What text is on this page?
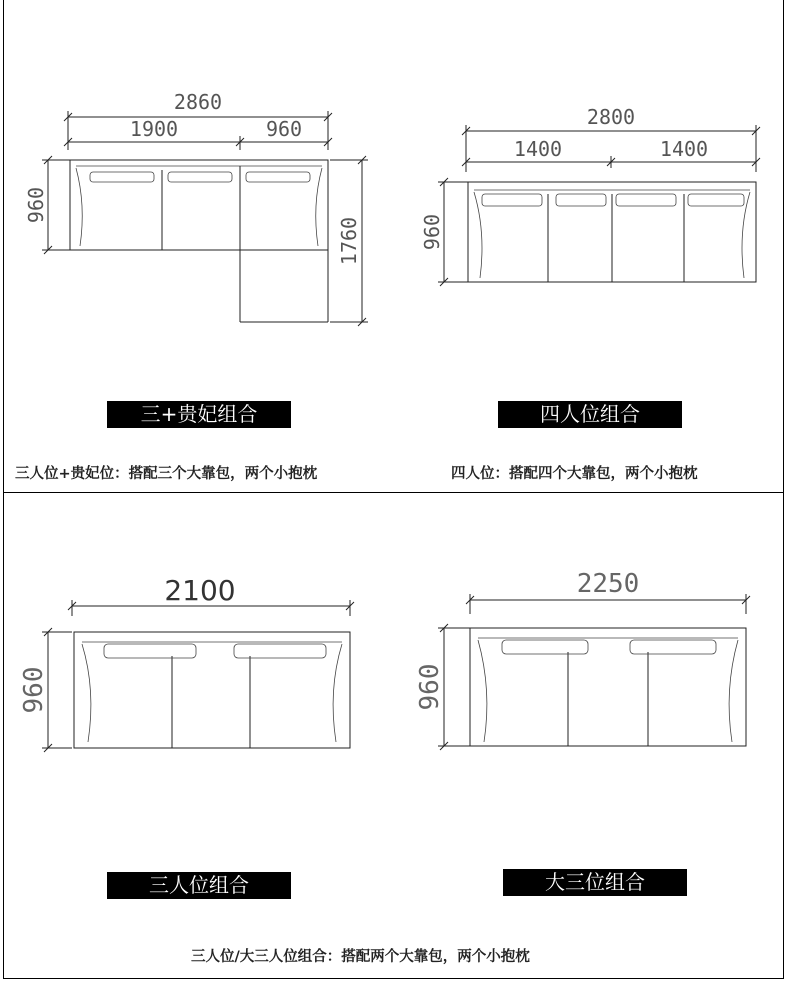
2860
1900	960
960
1760
2800
1400	1400
960
2100
960
2250
960
三+贵妃组合	四人位组合
三人位组合	大三位组合
三人位+贵妃位：搭配三个大靠包，两个小抱枕	四人位：搭配四个大靠包，两个小抱枕
三人位/大三人位组合：搭配两个大靠包，两个小抱枕
